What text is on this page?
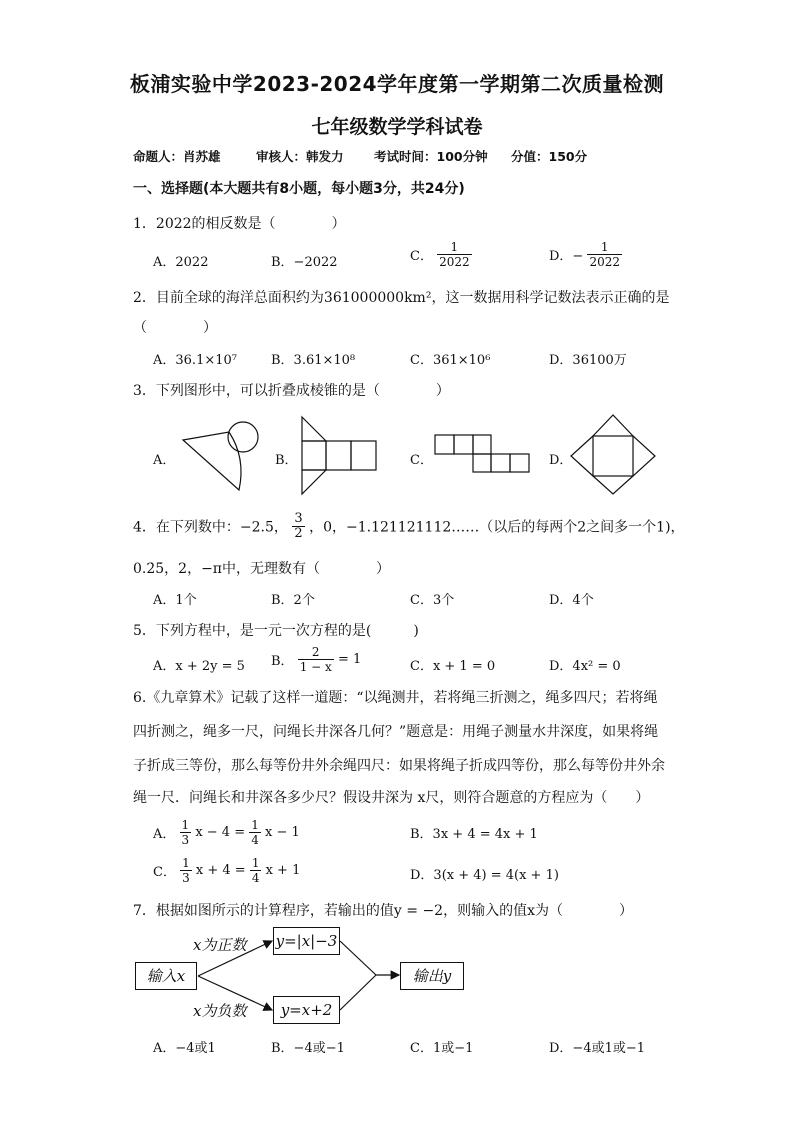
板浦实验中学2023-2024学年度第一学期第二次质量检测
七年级数学学科试卷
命题人：肖苏雄	审核人：韩发力 考试时间：100分钟 分值：150分
一、选择题(本大题共有8小题，每小题3分，共24分)
1．2022的相反数是（　　　　）
A．2022	B．−2022	C． $\frac{1}{2022}$	D．− $\frac{1}{2022}$
2．目前全球的海洋总面积约为361000000km²，这一数据用科学记数法表示正确的是
（　　　　）
A．36.1×10⁷	B．3.61×10⁸	C．361×10⁶	D．36100万
3．下列图形中，可以折叠成棱锥的是（　　　　）
A．	B．	C．	D．
4．在下列数中：−2.5， $\frac{3}{2}$ ，0，−1.121121112……（以后的每两个2之间多一个1)，
0.2̇5̇，2，−π中，无理数有（　　　　）
A．1个	B．2个	C．3个	D．4个
5．下列方程中，是一元一次方程的是(　　　)
A．x + 2y = 5 B． $\frac{2}{1 - x} = 1$	C．x + 1 = 0	D．4x² = 0
6.《九章算术》记载了这样一道题：“以绳测井，若将绳三折测之，绳多四尺；若将绳
四折测之，绳多一尺，问绳长井深各几何？”题意是：用绳子测量水井深度，如果将绳
子折成三等份，那么每等份井外余绳四尺：如果将绳子折成四等份，那么每等份井外余
绳一尺．问绳长和井深各多少尺？假设井深为 x尺，则符合题意的方程应为（　　）
A． $\frac{1}{3}$ $x - 4 = \frac{1}{4}$ x − 1	B．3x + 4 = 4x + 1
C． $\frac{1}{3}$ $x + 4 = \frac{1}{4}$ x + 1	D．3(x + 4) = 4(x + 1)
7．根据如图所示的计算程序，若输出的值y = −2，则输入的值x为（　　　　）
x为正数
x为负数
输入x
y=|x|−3
y=x+2
输出y
A．−4或1	B．−4或−1	C．1或−1	D．−4或1或−1
